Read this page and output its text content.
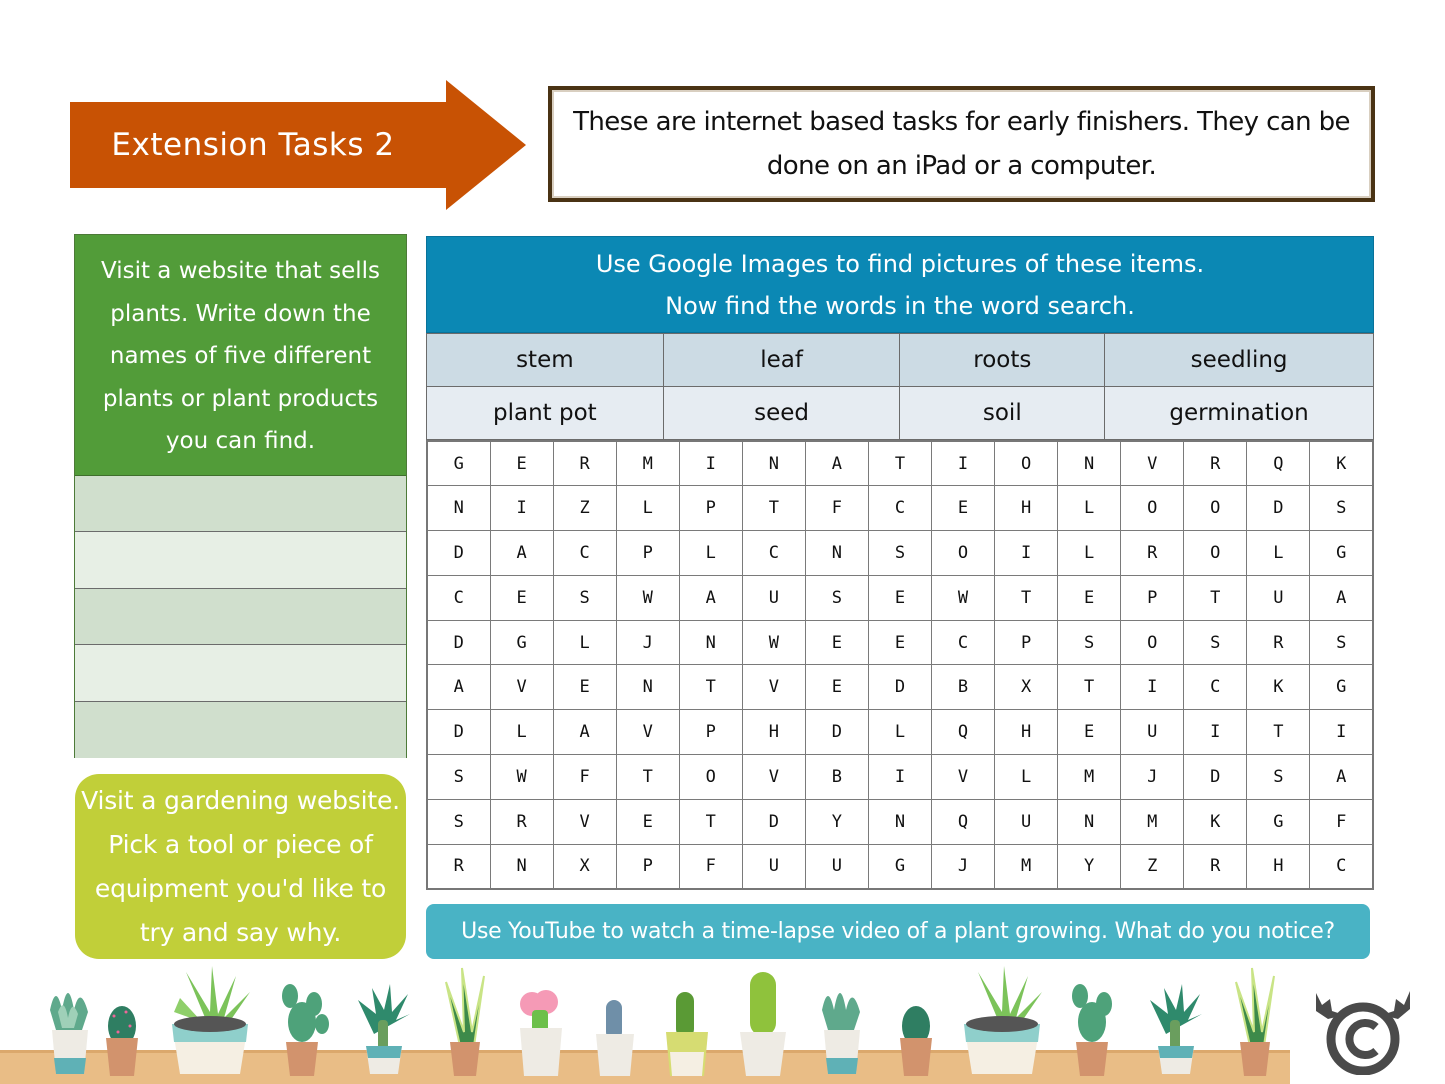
Extension Tasks 2
These are internet based tasks for early finishers. They can be done on an iPad or a computer.
Visit a website that sells plants. Write down the names of five different plants or plant products you can find.
Visit a gardening website. Pick a tool or piece of equipment you'd like to try and say why.
Use Google Images to find pictures of these items.
Now find the words in the word search.
stem	leaf	roots	seedling
plant pot	seed	soil	germination
G	E	R	M	I	N	A	T	I	O	N	V	R	Q	K
N	I	Z	L	P	T	F	C	E	H	L	O	O	D	S
D	A	C	P	L	C	N	S	O	I	L	R	O	L	G
C	E	S	W	A	U	S	E	W	T	E	P	T	U	A
D	G	L	J	N	W	E	E	C	P	S	O	S	R	S
A	V	E	N	T	V	E	D	B	X	T	I	C	K	G
D	L	A	V	P	H	D	L	Q	H	E	U	I	T	I
S	W	F	T	O	V	B	I	V	L	M	J	D	S	A
S	R	V	E	T	D	Y	N	Q	U	N	M	K	G	F
R	N	X	P	F	U	U	G	J	M	Y	Z	R	H	C
Use YouTube to watch a time-lapse video of a plant growing. What do you notice?
